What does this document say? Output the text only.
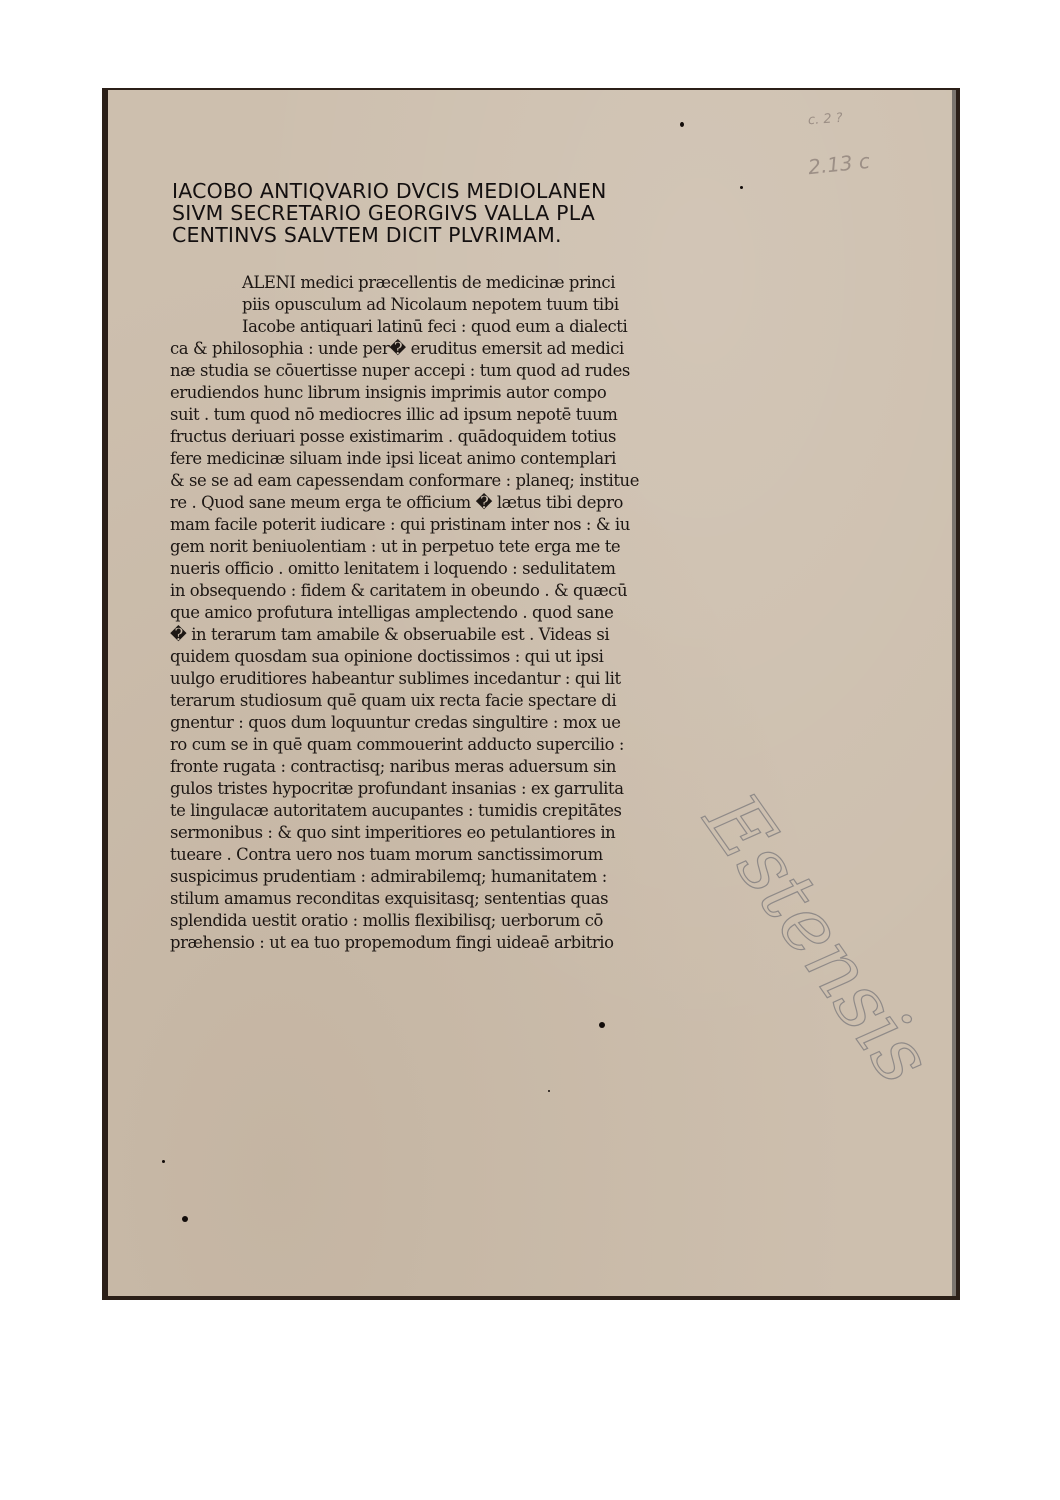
c. 2 ?
2.13 c
IACOBO ANTIQVARIO DVCIS MEDIOLANEN
SIVM SECRETARIO GEORGIVS VALLA PLA
CENTINVS SALVTEM DICIT PLVRIMAM.
ALENI medici præcellentis de medicinæ princi
piis opusculum ad Nicolaum nepotem tuum tibi
Iacobe antiquari latinū feci : quod eum a dialecti
ca & philosophia : unde per� eruditus emersit ad medici
næ studia se cōuertisse nuper accepi : tum quod ad rudes
erudiendos hunc librum insignis imprimis autor compo
suit . tum quod nō mediocres illic ad ipsum nepotē tuum
fructus deriuari posse existimarim . quādoquidem totius
fere medicinæ siluam inde ipsi liceat animo contemplari
& se se ad eam capessendam conformare : planeq; institue
re . Quod sane meum erga te officium � lætus tibi depro
mam facile poterit iudicare : qui pristinam inter nos : & iu
gem norit beniuolentiam : ut in perpetuo tete erga me te
nueris officio . omitto lenitatem i loquendo : sedulitatem
in obsequendo : fidem & caritatem in obeundo . & quæcū
que amico profutura intelligas amplectendo . quod sane
� in terarum tam amabile & obseruabile est . Videas si
quidem quosdam sua opinione doctissimos : qui ut ipsi
uulgo eruditiores habeantur sublimes incedantur : qui lit
terarum studiosum quē quam uix recta facie spectare di
gnentur : quos dum loquuntur credas singultire : mox ue
ro cum se in quē quam commouerint adducto supercilio :
fronte rugata : contractisq; naribus meras aduersum sin
gulos tristes hypocritæ profundant insanias : ex garrulita
te lingulacæ autoritatem aucupantes : tumidis crepitātes
sermonibus : & quo sint imperitiores eo petulantiores in
tueare . Contra uero nos tuam morum sanctissimorum
suspicimus prudentiam : admirabilemq; humanitatem :
stilum amamus reconditas exquisitasq; sententias quas
splendida uestit oratio : mollis flexibilisq; uerborum cō
præhensio : ut ea tuo propemodum fingi uideaē arbitrio Estensis
